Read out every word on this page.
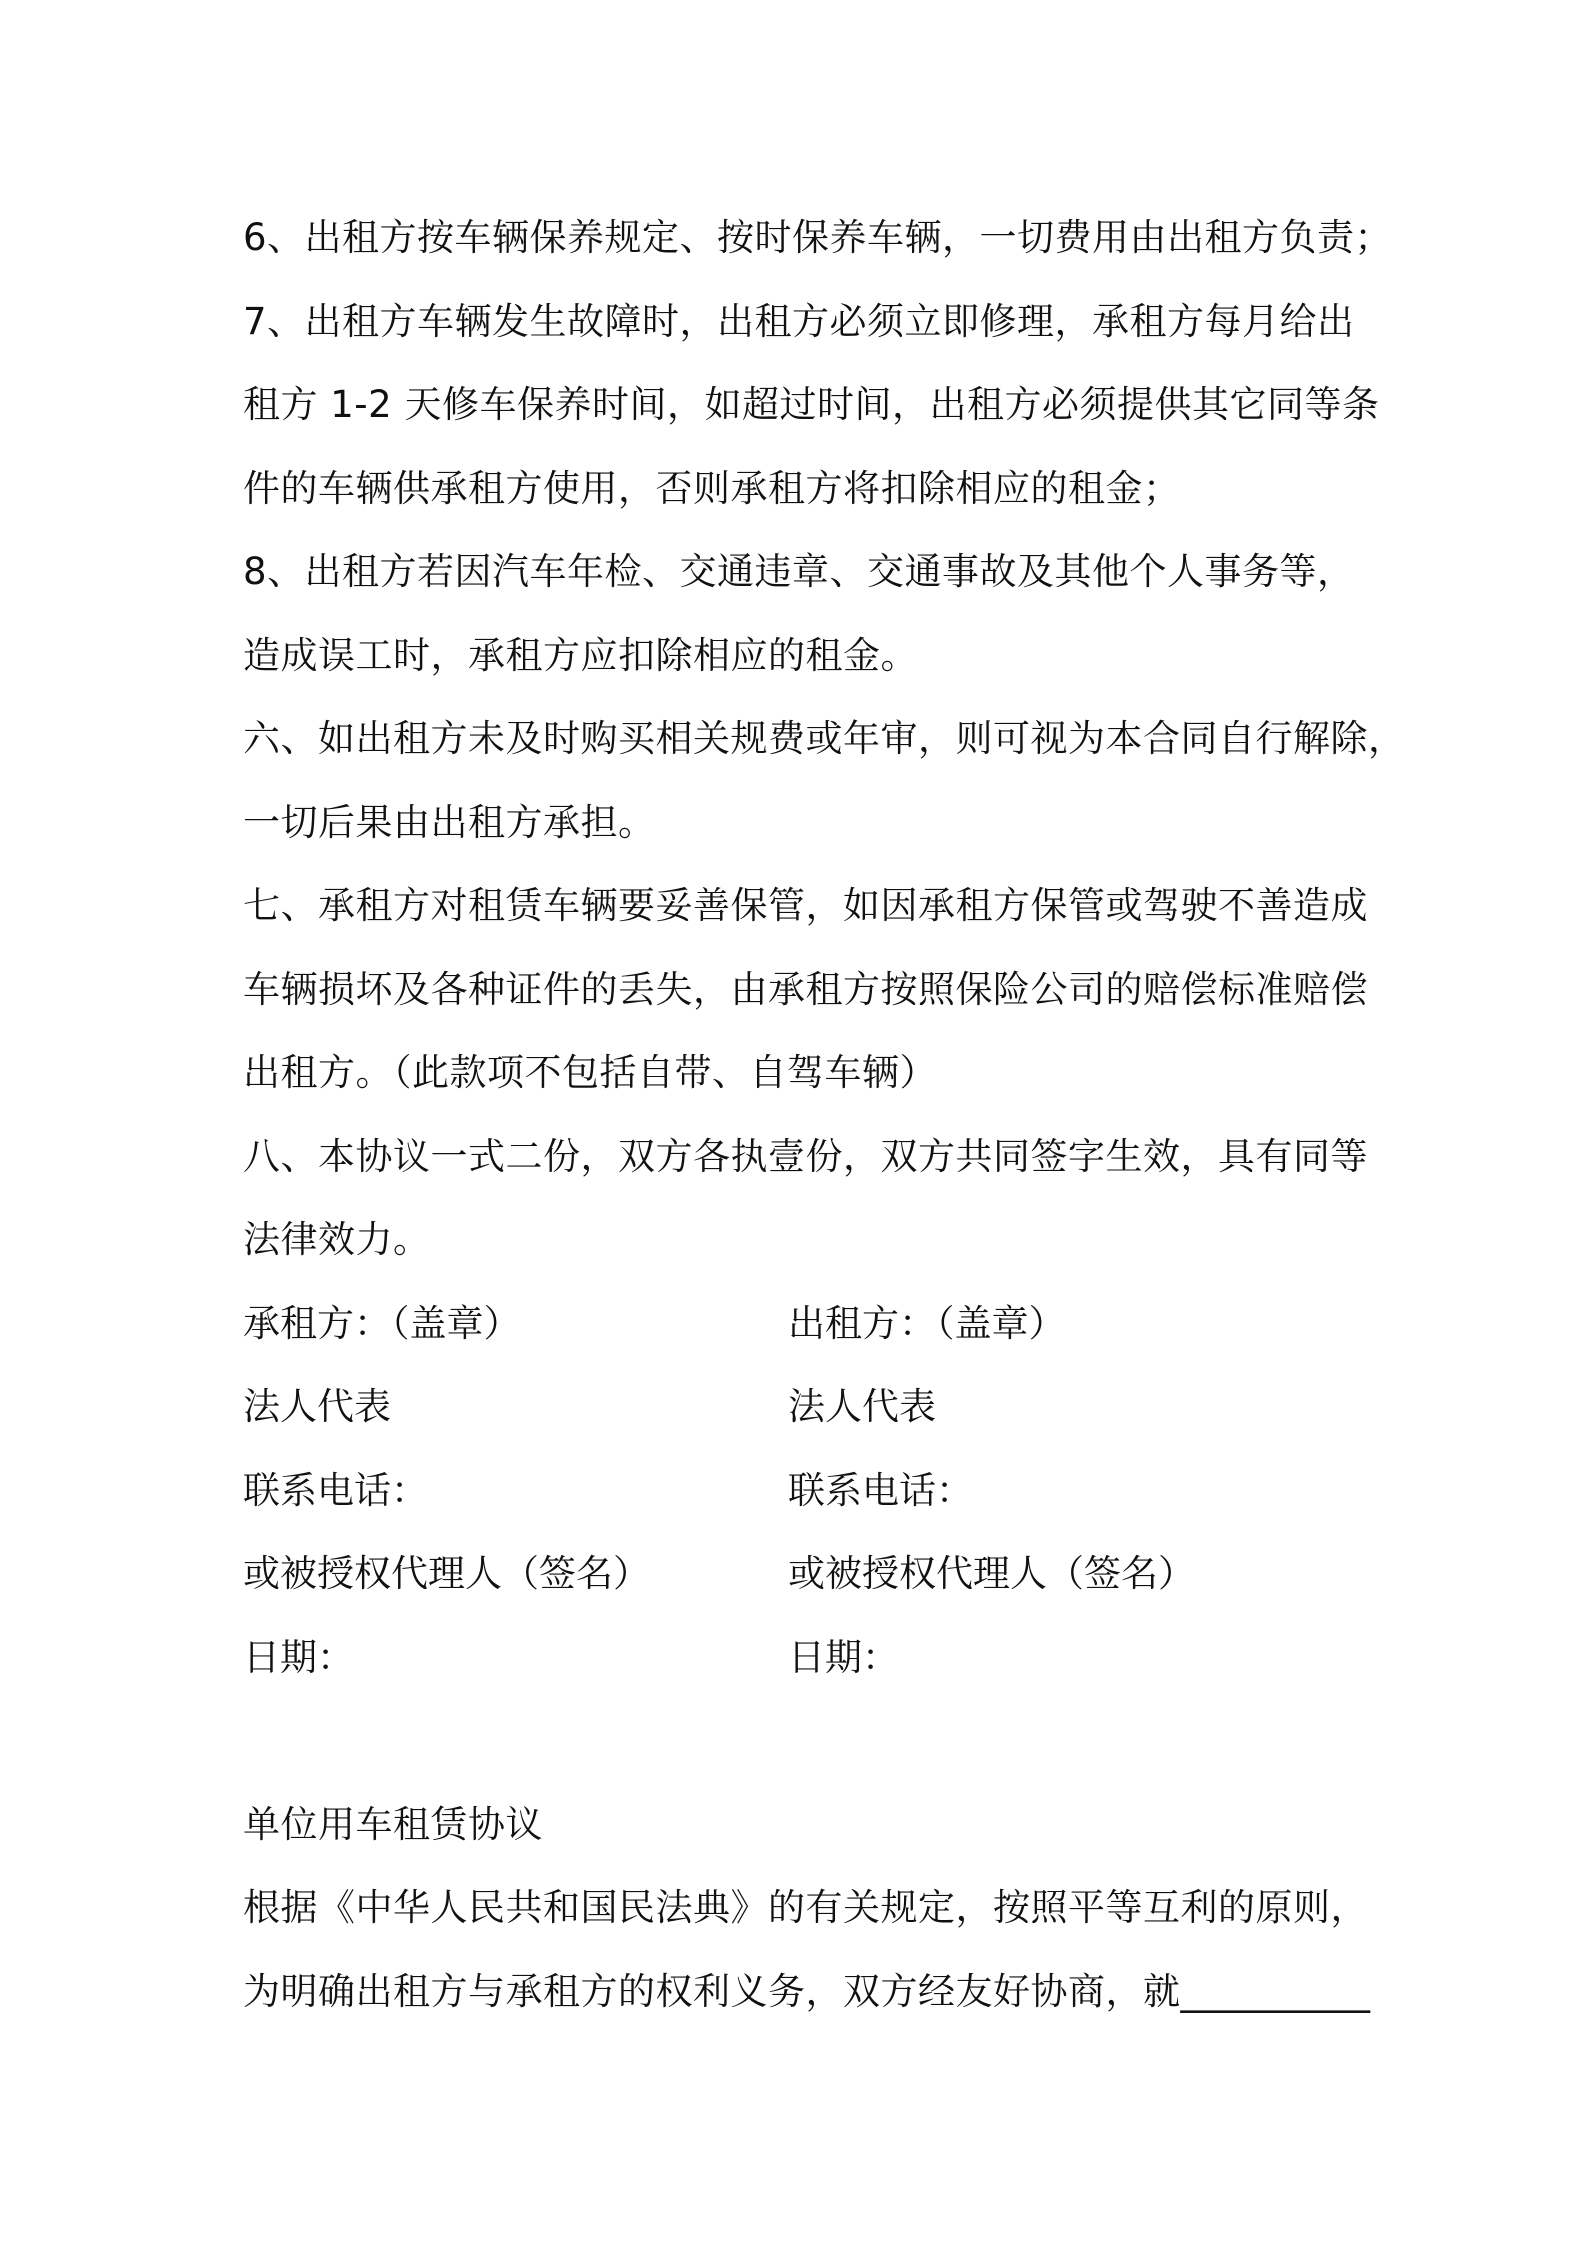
6、出租方按车辆保养规定、按时保养车辆，一切费用由出租方负责；
7、出租方车辆发生故障时，出租方必须立即修理，承租方每月给出
租方 1-2 天修车保养时间，如超过时间，出租方必须提供其它同等条
件的车辆供承租方使用，否则承租方将扣除相应的租金；
8、出租方若因汽车年检、交通违章、交通事故及其他个人事务等，
造成误工时，承租方应扣除相应的租金。
六、如出租方未及时购买相关规费或年审，则可视为本合同自行解除，
一切后果由出租方承担。
七、承租方对租赁车辆要妥善保管，如因承租方保管或驾驶不善造成
车辆损坏及各种证件的丢失，由承租方按照保险公司的赔偿标准赔偿
出租方。（此款项不包括自带、自驾车辆）
八、本协议一式二份，双方各执壹份，双方共同签字生效，具有同等
法律效力。
承租方：（盖章）	出租方：（盖章）
法人代表	法人代表
联系电话：	联系电话：
或被授权代理人（签名）	或被授权代理人（签名）
日期：	日期：
单位用车租赁协议
根据《中华人民共和国民法典》的有关规定，按照平等互利的原则，
为明确出租方与承租方的权利义务，双方经友好协商，就__________
